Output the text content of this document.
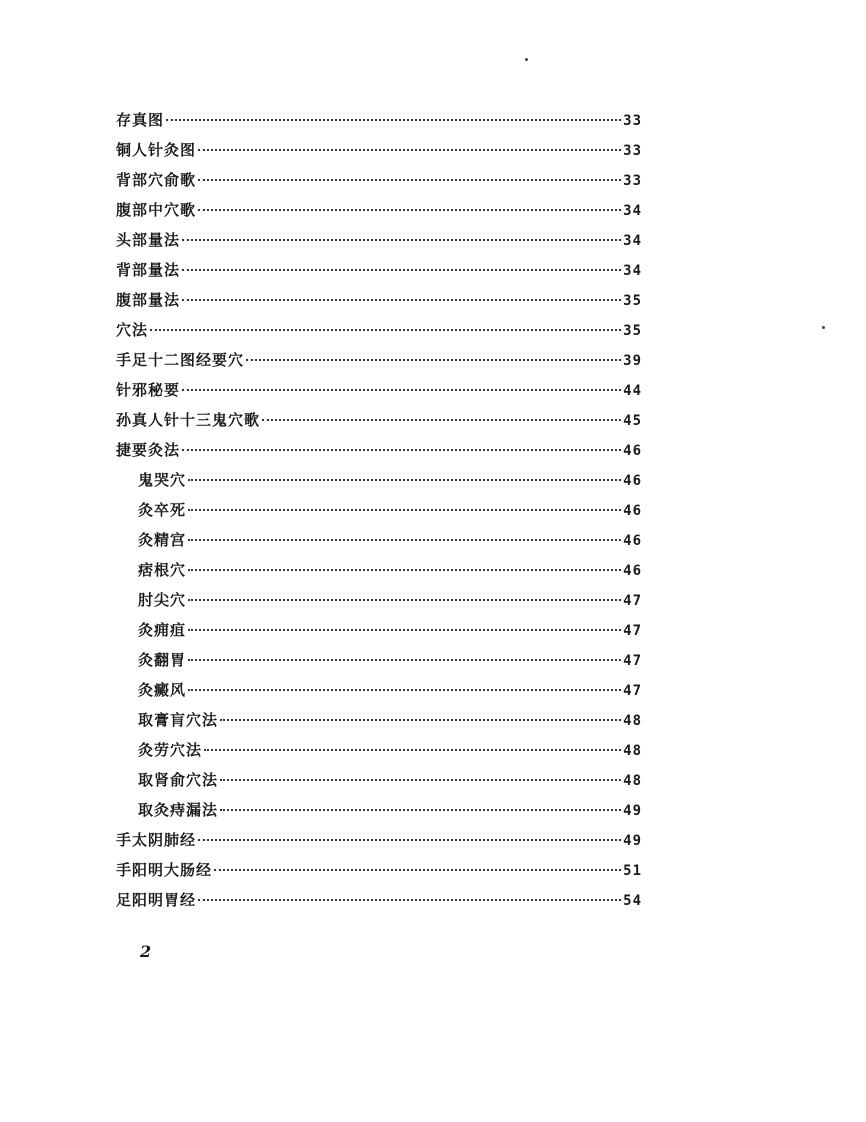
存真图	33
铜人针灸图	33
背部穴俞歌	33
腹部中穴歌	34
头部量法	34
背部量法	34
腹部量法	35
穴法	35
手足十二图经要穴	39
针邪秘要	44
孙真人针十三鬼穴歌	45
捷要灸法	46
鬼哭穴	46
灸卒死	46
灸精宫	46
痞根穴	46
肘尖穴	47
灸痈疽	47
灸翻胃	47
灸癜风	47
取膏肓穴法	48
灸劳穴法	48
取肾俞穴法	48
取灸痔漏法	49
手太阴肺经	49
手阳明大肠经	51
足阳明胃经	54
2
